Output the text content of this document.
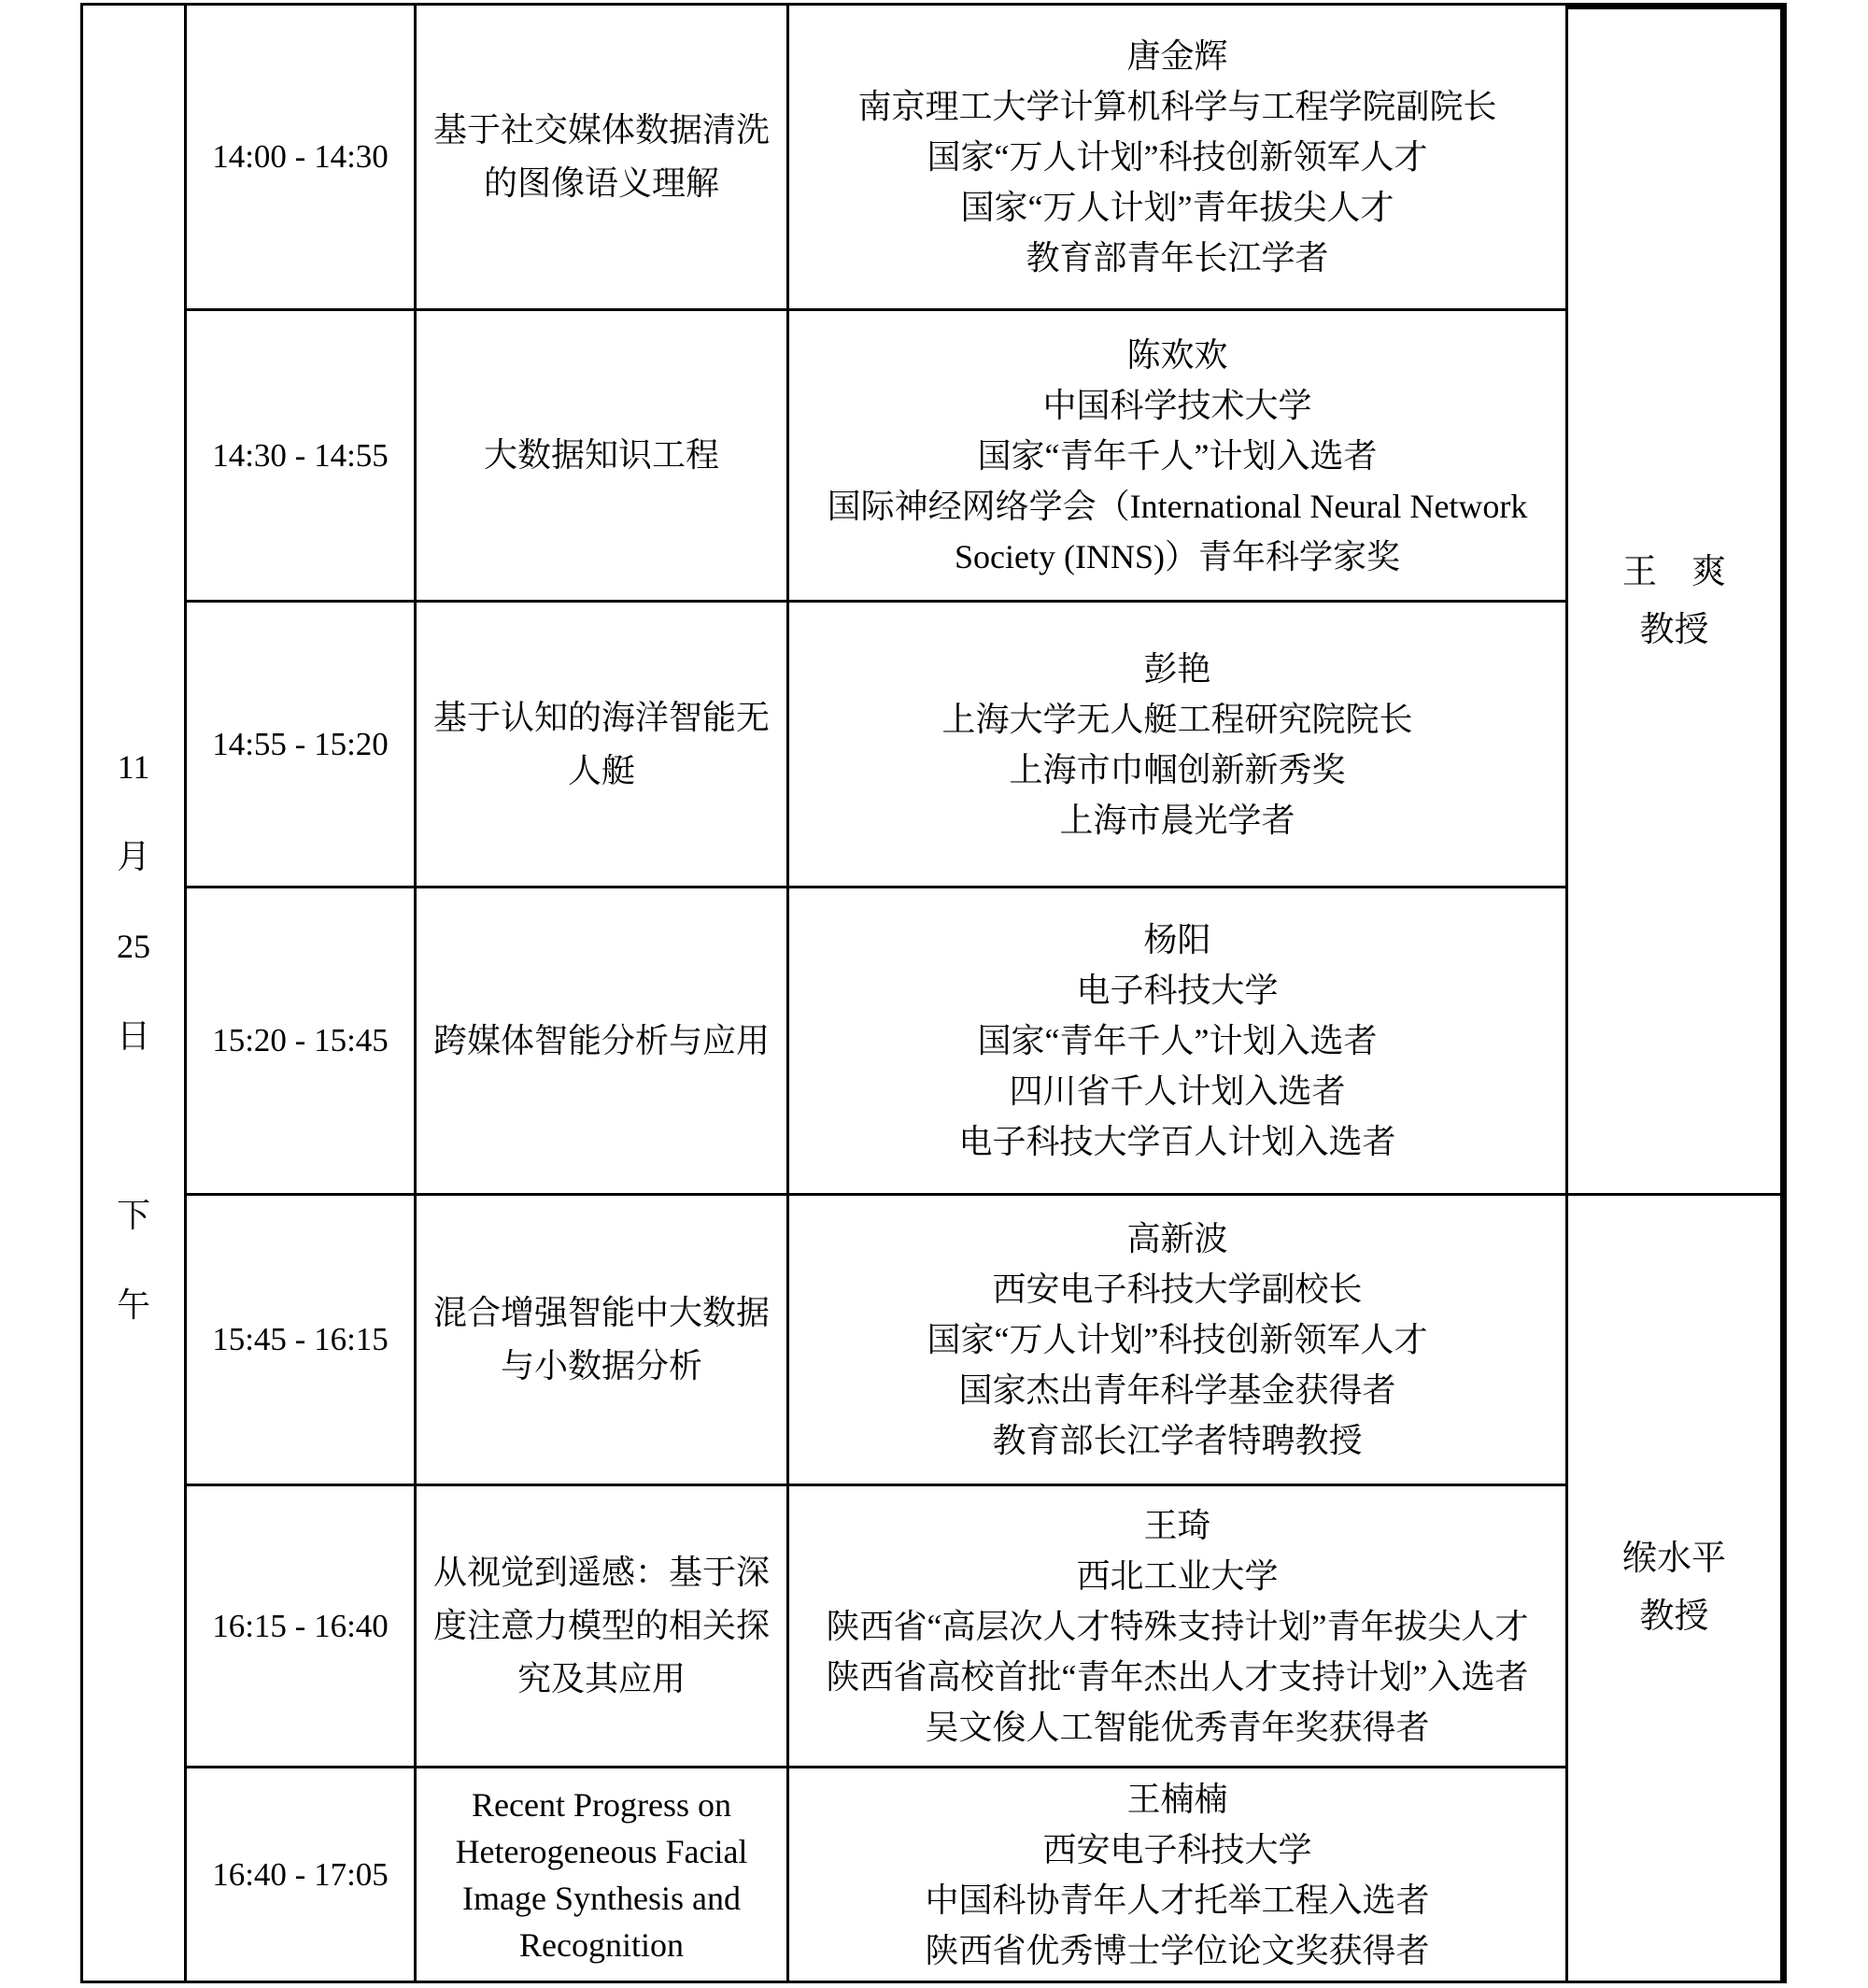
11
月
25
日
下
午
14:00 - 14:30
基于社交媒体数据清洗
的图像语义理解
唐金辉
南京理工大学计算机科学与工程学院副院长
国家“万人计划”科技创新领军人才
国家“万人计划”青年拔尖人才
教育部青年长江学者
14:30 - 14:55	大数据知识工程
陈欢欢
中国科学技术大学
国家“青年千人”计划入选者
国际神经网络学会（International Neural Network
Society (INNS)）青年科学家奖
14:55 - 15:20
基于认知的海洋智能无
人艇
彭艳
上海大学无人艇工程研究院院长
上海市巾帼创新新秀奖
上海市晨光学者
15:20 - 15:45 跨媒体智能分析与应用
杨阳
电子科技大学
国家“青年千人”计划入选者
四川省千人计划入选者
电子科技大学百人计划入选者
15:45 - 16:15
混合增强智能中大数据
与小数据分析
高新波
西安电子科技大学副校长
国家“万人计划”科技创新领军人才
国家杰出青年科学基金获得者
教育部长江学者特聘教授
16:15 - 16:40
从视觉到遥感：基于深
度注意力模型的相关探
究及其应用
王琦
西北工业大学
陕西省“高层次人才特殊支持计划”青年拔尖人才
陕西省高校首批“青年杰出人才支持计划”入选者
吴文俊人工智能优秀青年奖获得者
16:40 - 17:05
Recent Progress on
Heterogeneous Facial
Image Synthesis and
Recognition
王楠楠
西安电子科技大学
中国科协青年人才托举工程入选者
陕西省优秀博士学位论文奖获得者
王　爽
教授
缑水平
教授
